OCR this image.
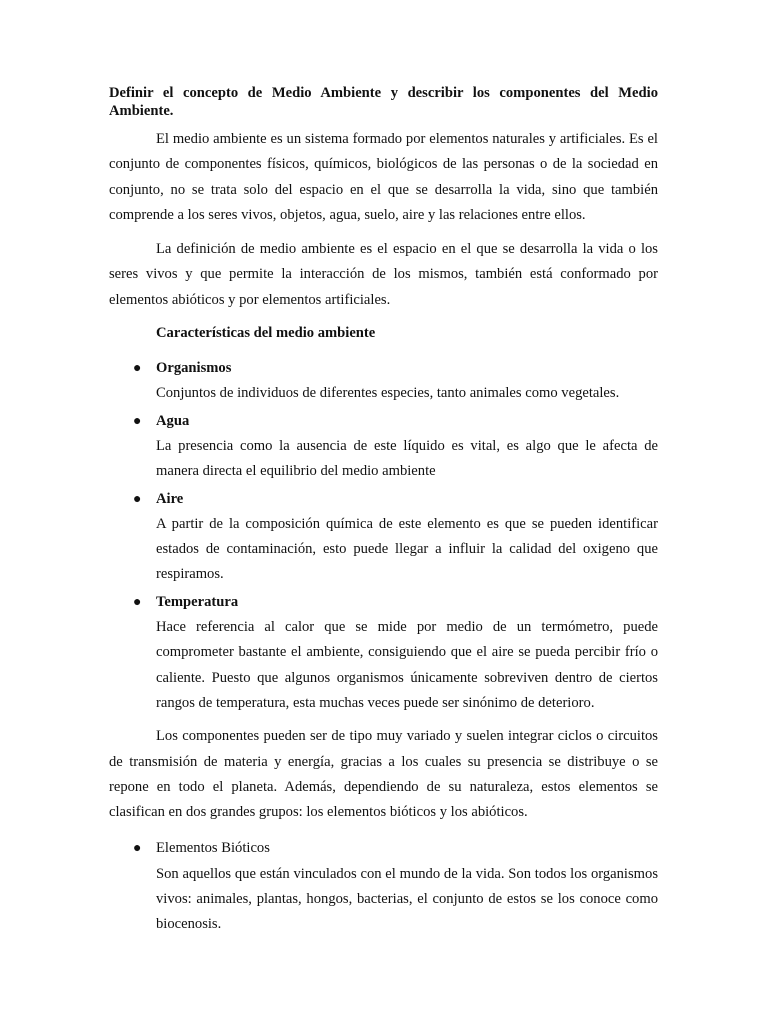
Definir el concepto de Medio Ambiente y describir los componentes del Medio Ambiente.

El medio ambiente es un sistema formado por elementos naturales y artificiales. Es el conjunto de componentes físicos, químicos, biológicos de las personas o de la sociedad en conjunto, no se trata solo del espacio en el que se desarrolla la vida, sino que también comprende a los seres vivos, objetos, agua, suelo, aire y las relaciones entre ellos.

La definición de medio ambiente es el espacio en el que se desarrolla la vida o los seres vivos y que permite la interacción de los mismos, también está conformado por elementos abióticos y por elementos artificiales.

Características del medio ambiente

● Organismos
Conjuntos de individuos de diferentes especies, tanto animales como vegetales.
● Agua
La presencia como la ausencia de este líquido es vital, es algo que le afecta de manera directa el equilibrio del medio ambiente
● Aire
A partir de la composición química de este elemento es que se pueden identificar estados de contaminación, esto puede llegar a influir la calidad del oxigeno que respiramos.
● Temperatura
Hace referencia al calor que se mide por medio de un termómetro, puede comprometer bastante el ambiente, consiguiendo que el aire se pueda percibir frío o caliente. Puesto que algunos organismos únicamente sobreviven dentro de ciertos rangos de temperatura, esta muchas veces puede ser sinónimo de deterioro.

Los componentes pueden ser de tipo muy variado y suelen integrar ciclos o circuitos de transmisión de materia y energía, gracias a los cuales su presencia se distribuye o se repone en todo el planeta. Además, dependiendo de su naturaleza, estos elementos se clasifican en dos grandes grupos: los elementos bióticos y los abióticos.

● Elementos Bióticos
Son aquellos que están vinculados con el mundo de la vida. Son todos los organismos vivos: animales, plantas, hongos, bacterias, el conjunto de estos se los conoce como biocenosis.
